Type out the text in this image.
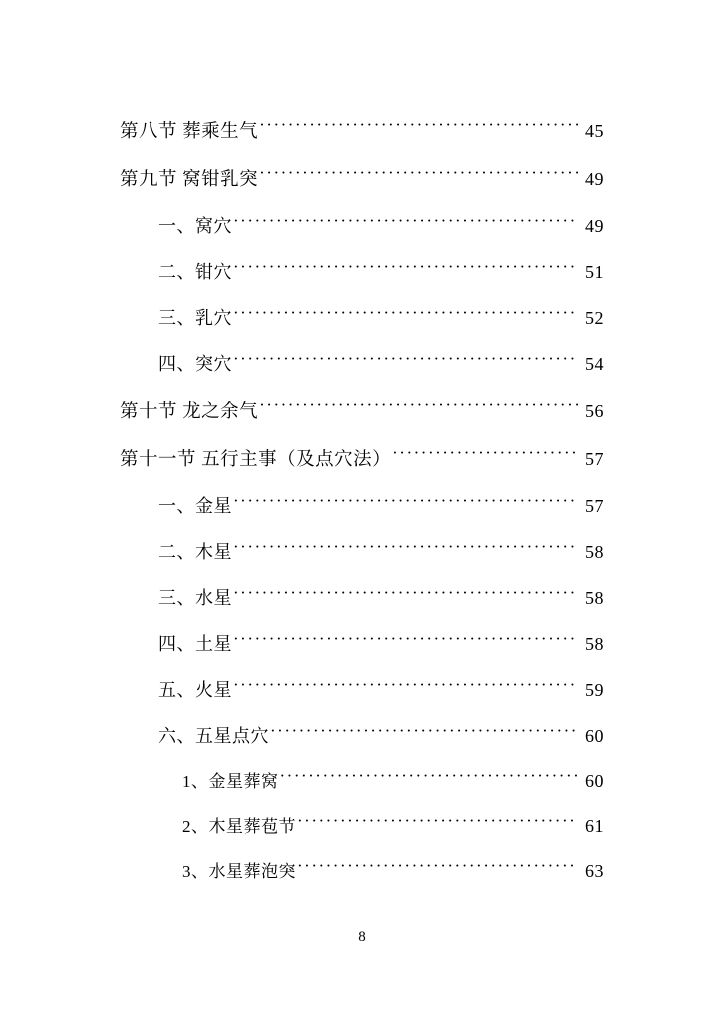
第八节 葬乘生气 ·····	45
第九节 窝钳乳突 ·····	49
一、窝穴 ·····	49
二、钳穴 ·····	51
三、乳穴 ·····	52
四、突穴 ·····	54
第十节 龙之余气 ·····	56
第十一节 五行主事（及点穴法） ·····	57
一、金星 ·····	57
二、木星 ·····	58
三、水星 ·····	58
四、土星 ·····	58
五、火星 ·····	59
六、五星点穴 ·····	60
1、金星葬窝 ·····	60
2、木星葬苞节 ·····	61
3、水星葬泡突 ·····	63
8
